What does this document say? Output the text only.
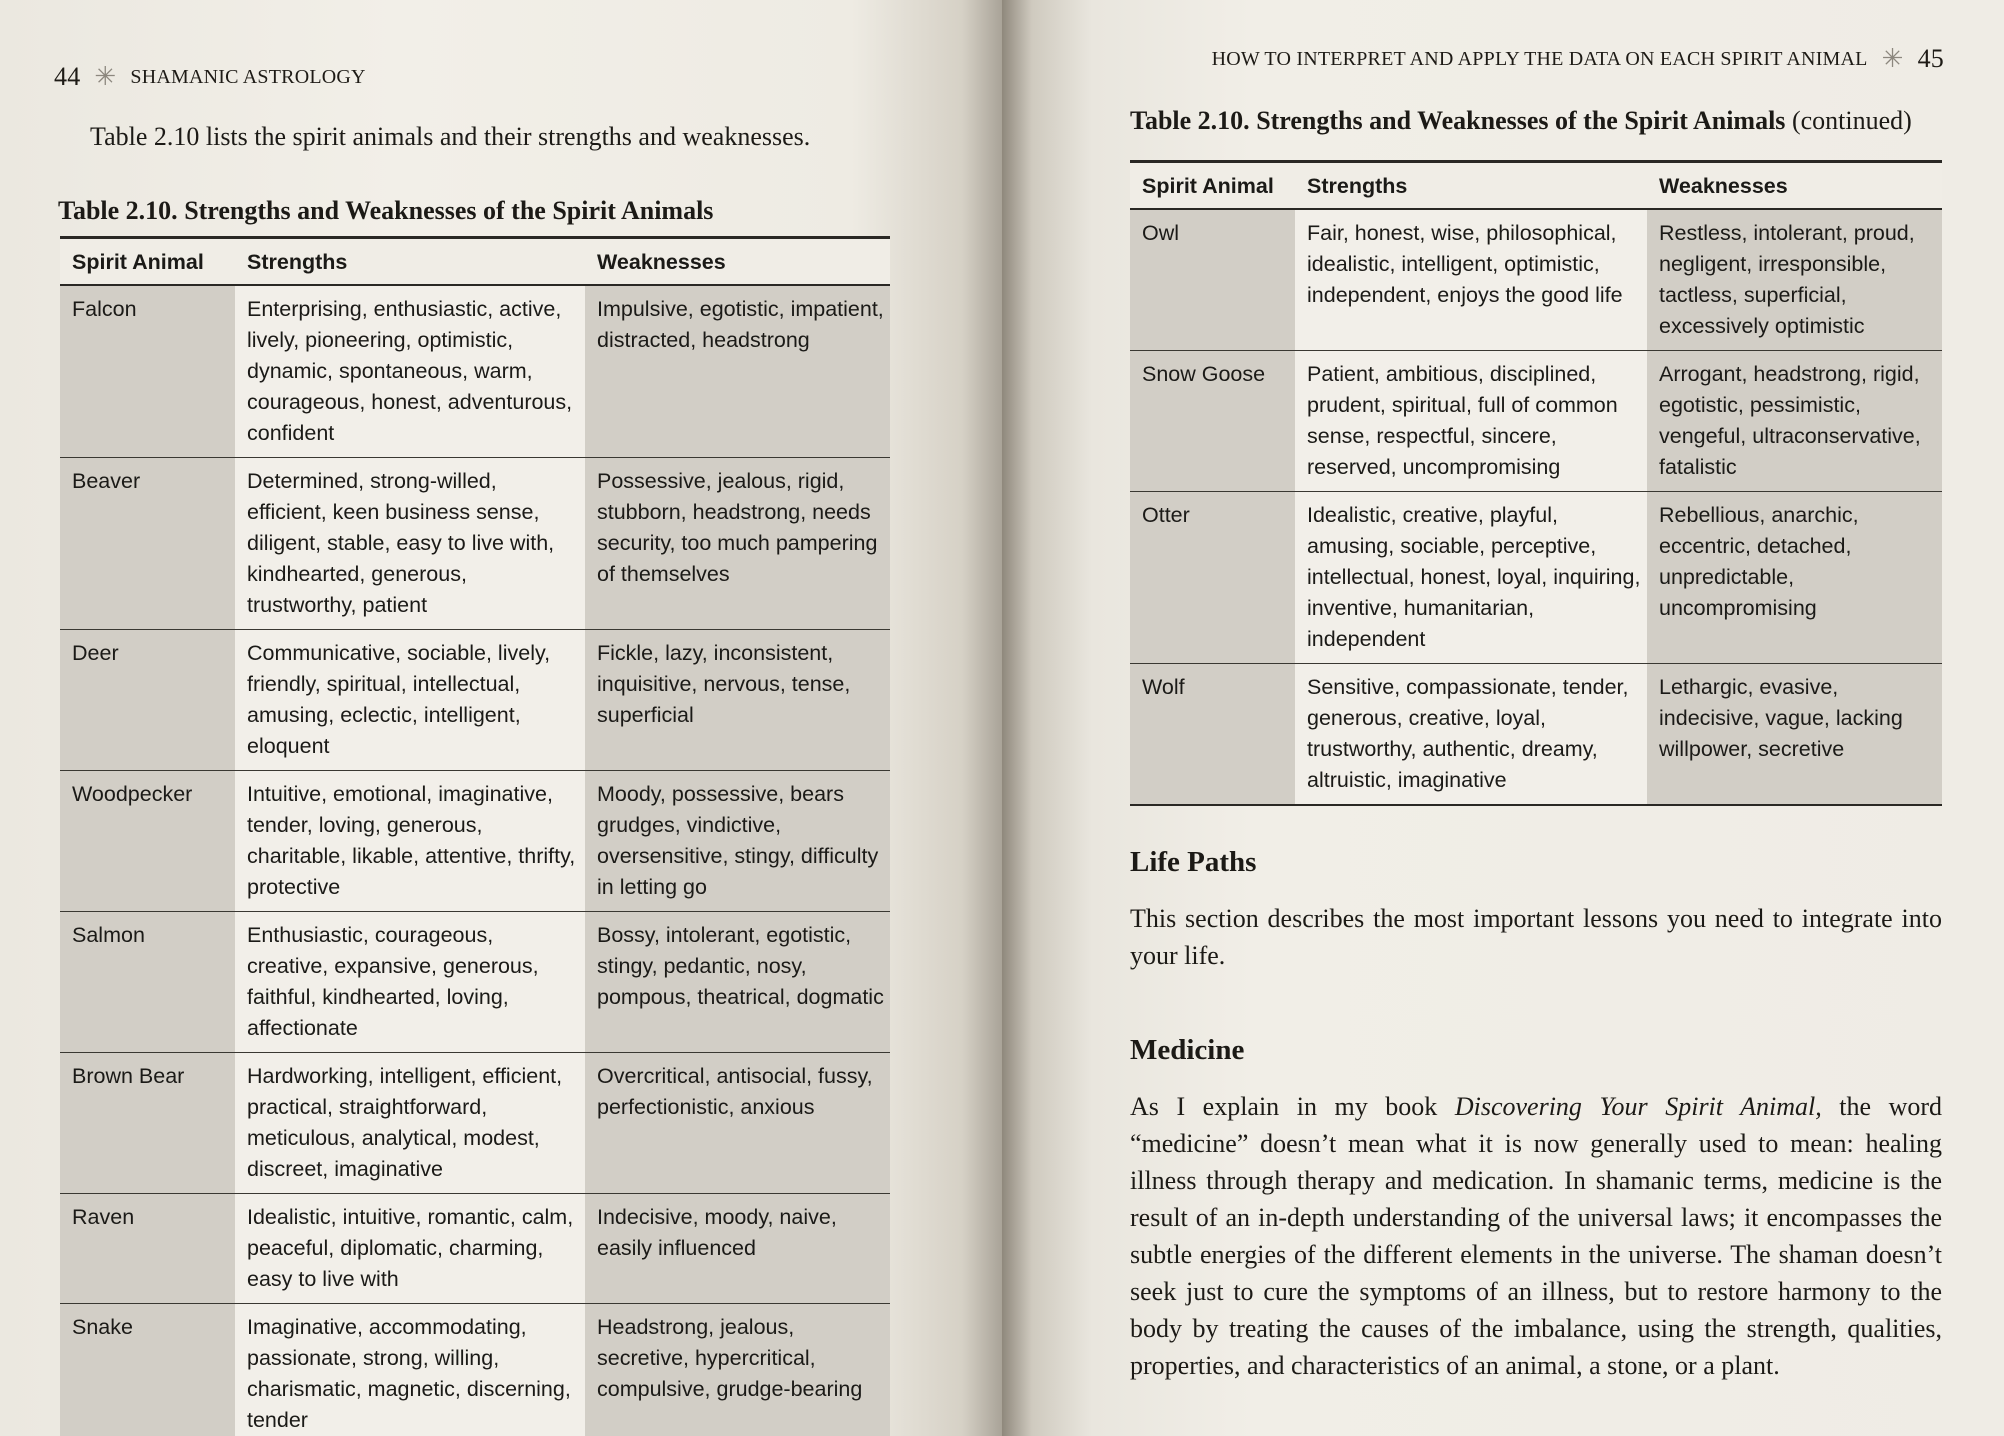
44 ✳ SHAMANIC ASTROLOGY
Table 2.10 lists the spirit animals and their strengths and weaknesses.
Table 2.10. Strengths and Weaknesses of the Spirit Animals
Spirit Animal	Strengths	Weaknesses
Falcon	Enterprising, enthusiastic, active, lively, pioneering, optimistic, dynamic, spontaneous, warm, courageous, honest, adventurous, confident	Impulsive, egotistic, impatient, distracted, headstrong
Beaver	Determined, strong-willed, efficient, keen business sense, diligent, stable, easy to live with, kindhearted, generous, trustworthy, patient	Possessive, jealous, rigid, stubborn, headstrong, needs security, too much pampering of themselves
Deer	Communicative, sociable, lively, friendly, spiritual, intellectual, amusing, eclectic, intelligent, eloquent	Fickle, lazy, inconsistent, inquisitive, nervous, tense, superficial
Woodpecker	Intuitive, emotional, imaginative, tender, loving, generous, charitable, likable, attentive, thrifty, protective	Moody, possessive, bears grudges, vindictive, oversensitive, stingy, difficulty in letting go
Salmon	Enthusiastic, courageous, creative, expansive, generous, faithful, kindhearted, loving, affectionate	Bossy, intolerant, egotistic, stingy, pedantic, nosy, pompous, theatrical, dogmatic
Brown Bear	Hardworking, intelligent, efficient, practical, straightforward, meticulous, analytical, modest, discreet, imaginative	Overcritical, antisocial, fussy, perfectionistic, anxious
Raven	Idealistic, intuitive, romantic, calm, peaceful, diplomatic, charming, easy to live with	Indecisive, moody, naive, easily influenced
Snake	Imaginative, accommodating, passionate, strong, willing, charismatic, magnetic, discerning, tender	Headstrong, jealous, secretive, hypercritical, compulsive, grudge-bearing
HOW TO INTERPRET AND APPLY THE DATA ON EACH SPIRIT ANIMAL ✳ 45
Table 2.10. Strengths and Weaknesses of the Spirit Animals (continued)
Spirit Animal	Strengths	Weaknesses
Owl	Fair, honest, wise, philosophical, idealistic, intelligent, optimistic, independent, enjoys the good life	Restless, intolerant, proud, negligent, irresponsible, tactless, superficial, excessively optimistic
Snow Goose	Patient, ambitious, disciplined, prudent, spiritual, full of common sense, respectful, sincere, reserved, uncompromising	Arrogant, headstrong, rigid, egotistic, pessimistic, vengeful, ultraconservative, fatalistic
Otter	Idealistic, creative, playful, amusing, sociable, perceptive, intellectual, honest, loyal, inquiring, inventive, humanitarian, independent	Rebellious, anarchic, eccentric, detached, unpredictable, uncompromising
Wolf	Sensitive, compassionate, tender, generous, creative, loyal, trustworthy, authentic, dreamy, altruistic, imaginative	Lethargic, evasive, indecisive, vague, lacking willpower, secretive
Life Paths
This section describes the most important lessons you need to integrate into your life.
Medicine
As I explain in my book Discovering Your Spirit Animal, the word “medicine” doesn’t mean what it is now generally used to mean: healing illness through therapy and medication. In shamanic terms, medicine is the result of an in-depth understanding of the universal laws; it encompasses the subtle energies of the different elements in the universe. The shaman doesn’t seek just to cure the symptoms of an illness, but to restore harmony to the body by treating the causes of the imbalance, using the strength, qualities, properties, and characteristics of an animal, a stone, or a plant.
